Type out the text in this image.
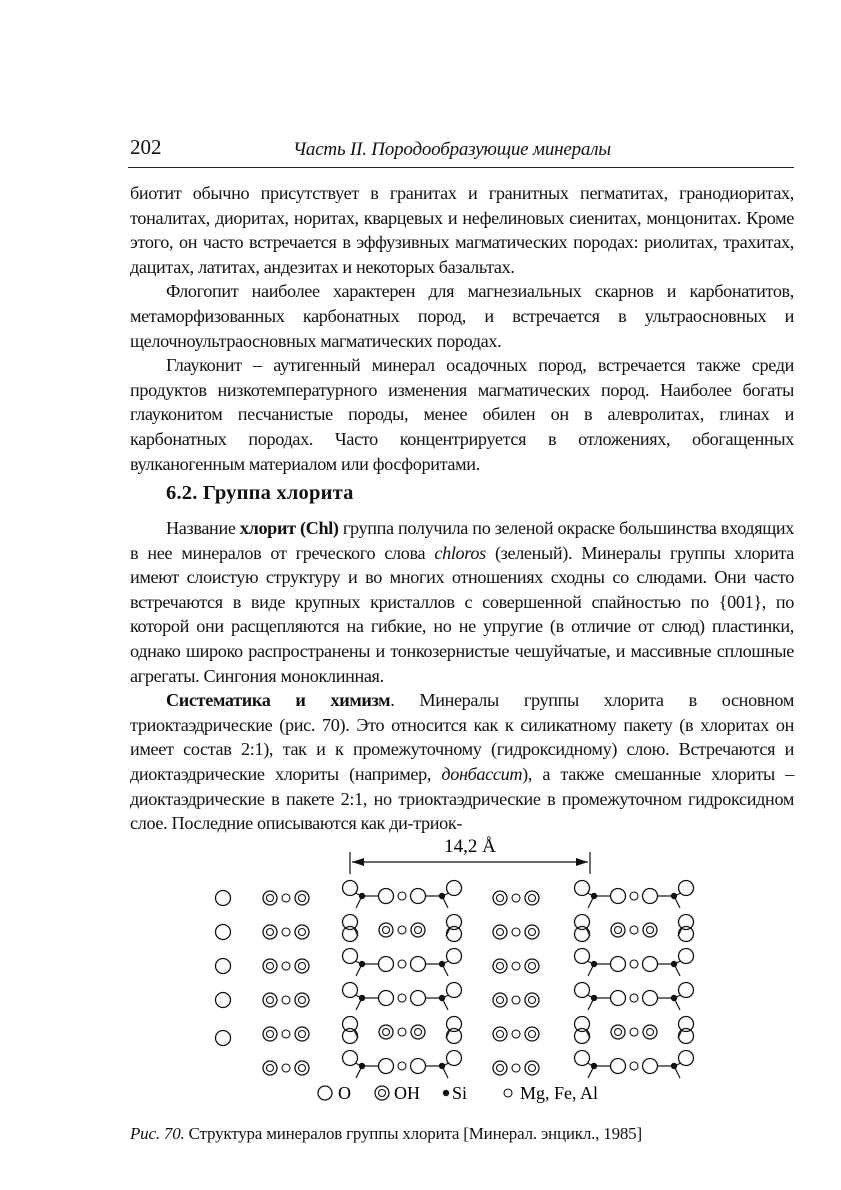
202	Часть II. Породообразующие минералы

биотит обычно присутствует в гранитах и гранитных пегматитах, гранодиоритах, тоналитах, диоритах, норитах, кварцевых и нефелиновых сиенитах, монцонитах. Кроме этого, он часто встречается в эффузивных магматических породах: риолитах, трахитах, дацитах, латитах, андезитах и некоторых базальтах.

Флогопит наиболее характерен для магнезиальных скарнов и карбонатитов, метаморфизованных карбонатных пород, и встречается в ультраосновных и щелочноультраосновных магматических породах.

Глауконит – аутигенный минерал осадочных пород, встречается также среди продуктов низкотемпературного изменения магматических пород. Наиболее богаты глауконитом песчанистые породы, менее обилен он в алевролитах, глинах и карбонатных породах. Часто концентрируется в отложениях, обогащенных вулканогенным материалом или фосфоритами.

6.2. Группа хлорита

Название хлорит (Chl) группа получила по зеленой окраске большинства входящих в нее минералов от греческого слова chloros (зеленый). Минералы группы хлорита имеют слоистую структуру и во многих отношениях сходны со слюдами. Они часто встречаются в виде крупных кристаллов с совершенной спайностью по {001}, по которой они расщепляются на гибкие, но не упругие (в отличие от слюд) пластинки, однако широко распространены и тонкозернистые чешуйчатые, и массивные сплошные агрегаты. Сингония моноклинная.

Систематика и химизм. Минералы группы хлорита в основном триоктаэдрические (рис. 70). Это относится как к силикатному пакету (в хлоритах он имеет состав 2:1), так и к промежуточному (гидроксидному) слою. Встречаются и диоктаэдрические хлориты (например, донбассит), а также смешанные хлориты – диоктаэдрические в пакете 2:1, но триоктаэдрические в промежуточном гидроксидном слое. Последние описываются как ди-триок-

14,2 Å
O OH Si	Mg, Fe, Al
Рис. 70. Структура минералов группы хлорита [Минерал. энцикл., 1985]
